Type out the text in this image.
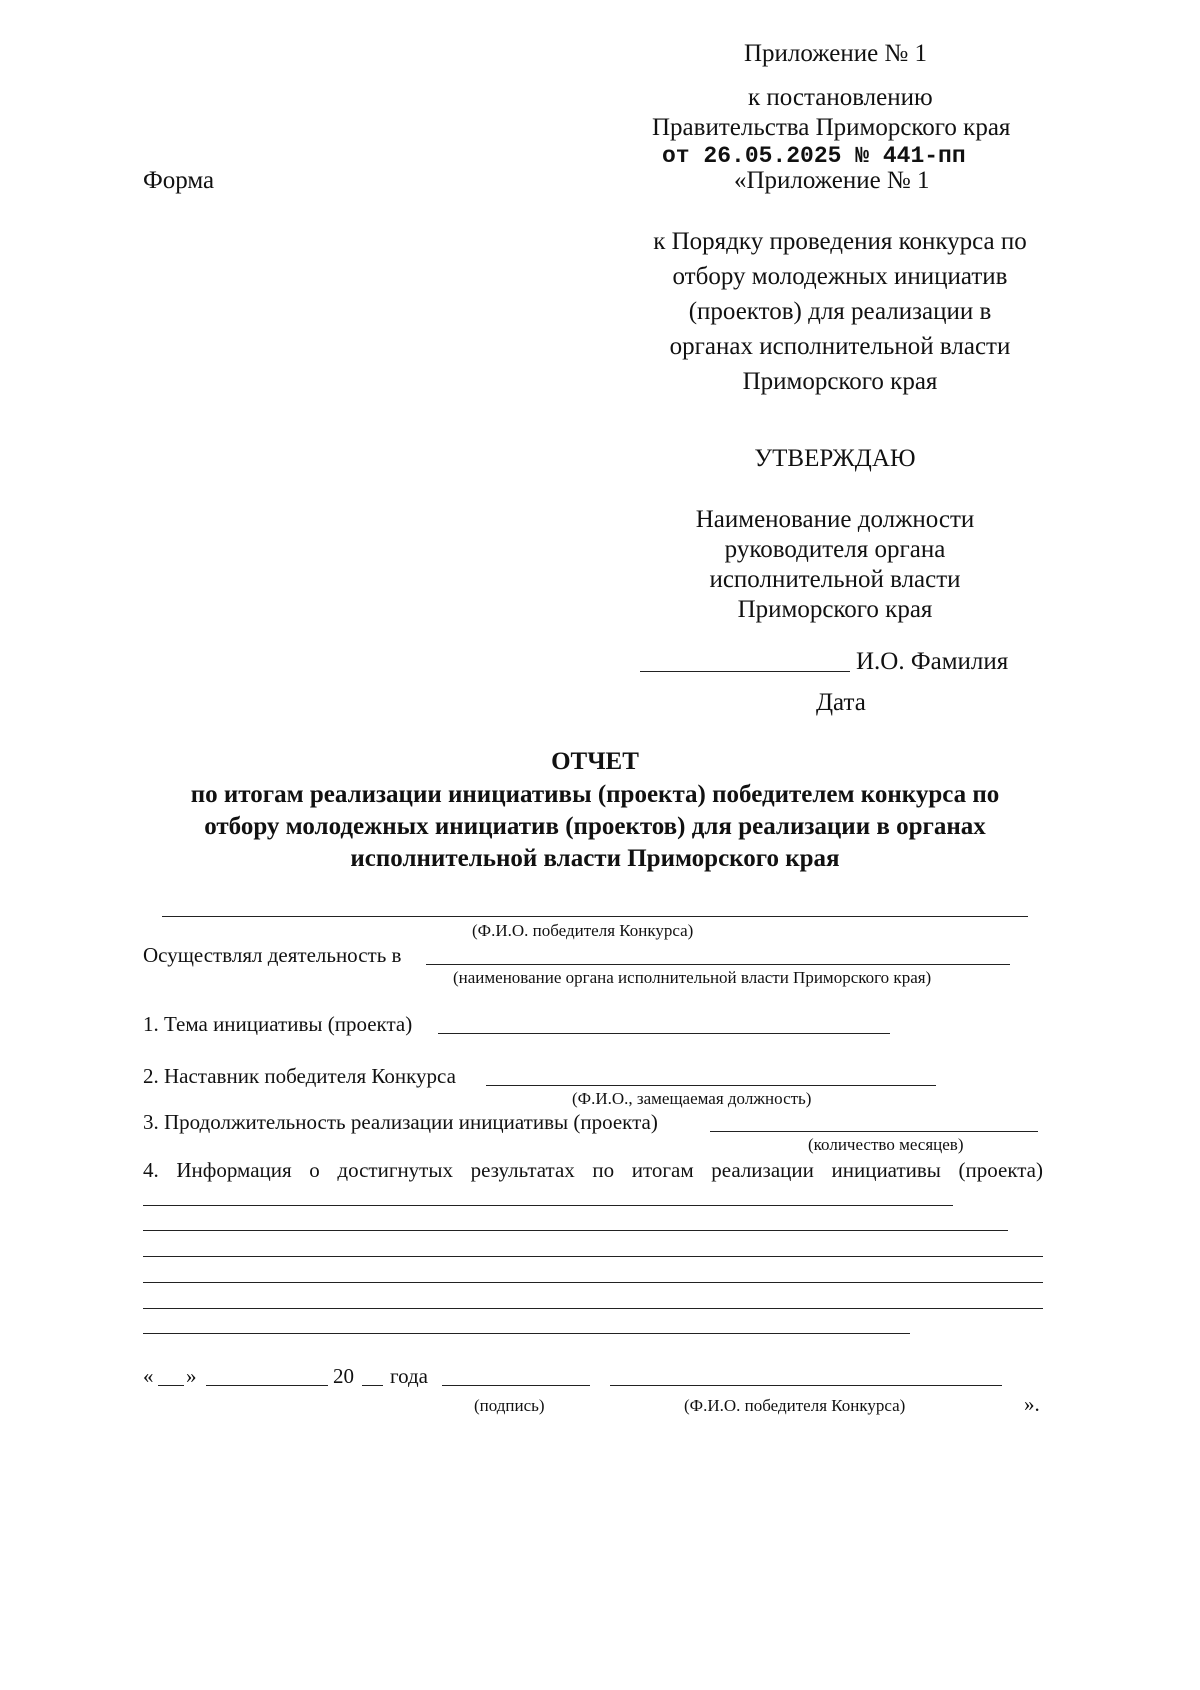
Приложение № 1
к постановлению
Правительства Приморского края
от 26.05.2025 № 441-пп
Форма	«Приложение № 1
к Порядку проведения конкурса по
отбору молодежных инициатив
(проектов) для реализации в
органах исполнительной власти
Приморского края
УТВЕРЖДАЮ
Наименование должности
руководителя органа
исполнительной власти
Приморского края
И.О. Фамилия
Дата
ОТЧЕТ
по итогам реализации инициативы (проекта) победителем конкурса по
отбору молодежных инициатив (проектов) для реализации в органах
исполнительной власти Приморского края
(Ф.И.О. победителя Конкурса)
Осуществлял деятельность в
(наименование органа исполнительной власти Приморского края)
1. Тема инициативы (проекта)
2. Наставник победителя Конкурса
(Ф.И.О., замещаемая должность)
3. Продолжительность реализации инициативы (проекта)
(количество месяцев)
4. Информация о достигнутых результатах по итогам реализации инициативы (проекта)
« »	20 года
(подпись)	(Ф.И.О. победителя Конкурса)	».
